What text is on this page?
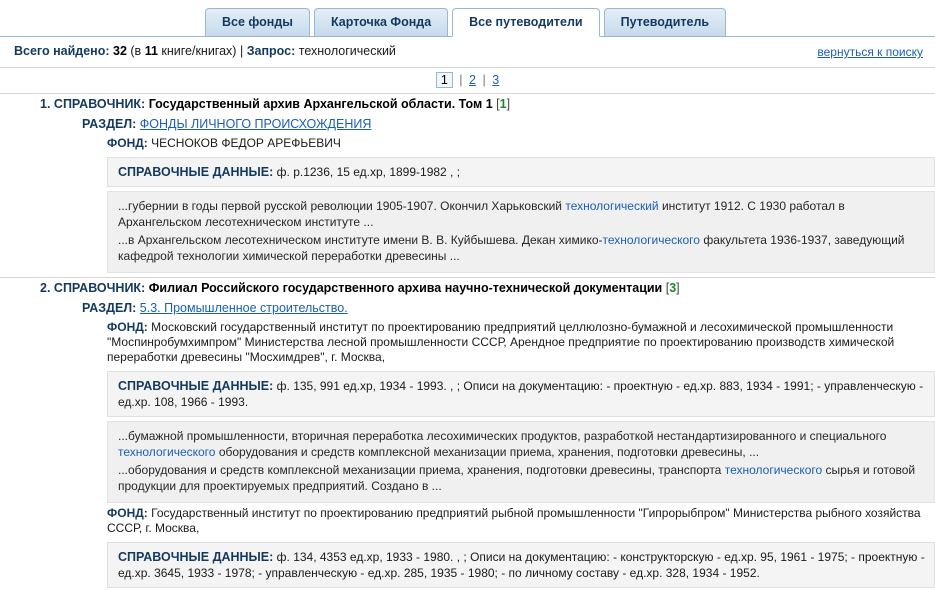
Все фонды	Карточка Фонда	Все путеводители	Путеводитель
Всего найдено: 32 (в 11 книге/книгах) | Запрос: технологический	вернуться к поиску
1 | 2 | 3
1. СПРАВОЧНИК: Государственный архив Архангельской области. Том 1 [1]
РАЗДЕЛ: ФОНДЫ ЛИЧНОГО ПРОИСХОЖДЕНИЯ
ФОНД: ЧЕСНОКОВ ФЕДОР АРЕФЬЕВИЧ
СПРАВОЧНЫЕ ДАННЫЕ: ф. р.1236, 15 ед.хр, 1899-1982 , ;

...губернии в годы первой русской революции 1905-1907. Окончил Харьковский технологический институт 1912. С 1930 работал в Архангельском лесотехническом институте ...

...в Архангельском лесотехническом институте имени В. В. Куйбышева. Декан химико-технологического факультета 1936-1937, заведующий кафедрой технологии химической переработки древесины ...

2. СПРАВОЧНИК: Филиал Российского государственного архива научно-технической документации [3]
РАЗДЕЛ: 5.3. Промышленное строительство.
ФОНД: Московский государственный институт по проектированию предприятий целлюлозно-бумажной и лесохимической промышленности "Моспинробумхимпром" Министерства лесной промышленности СССР, Арендное предприятие по проектированию производств химической переработки древесины "Мосхимдрев", г. Москва,
СПРАВОЧНЫЕ ДАННЫЕ: ф. 135, 991 ед.хр, 1934 - 1993. , ; Описи на документацию: - проектную - ед.хр. 883, 1934 - 1991; - управленческую - ед.хр. 108, 1966 - 1993.

...бумажной промышленности, вторичная переработка лесохимических продуктов, разработкой нестандартизированного и специального технологического оборудования и средств комплексной механизации приема, хранения, подготовки древесины, ...

...оборудования и средств комплексной механизации приема, хранения, подготовки древесины, транспорта технологического сырья и готовой продукции для проектируемых предприятий. Создано в ...

ФОНД: Государственный институт по проектированию предприятий рыбной промышленности "Гипрорыбпром" Министерства рыбного хозяйства СССР, г. Москва,
СПРАВОЧНЫЕ ДАННЫЕ: ф. 134, 4353 ед.хр, 1933 - 1980. , ; Описи на документацию: - конструкторскую - ед.хр. 95, 1961 - 1975; - проектную - ед.хр. 3645, 1933 - 1978; - управленческую - ед.хр. 285, 1935 - 1980; - по личному составу - ед.хр. 328, 1934 - 1952.
